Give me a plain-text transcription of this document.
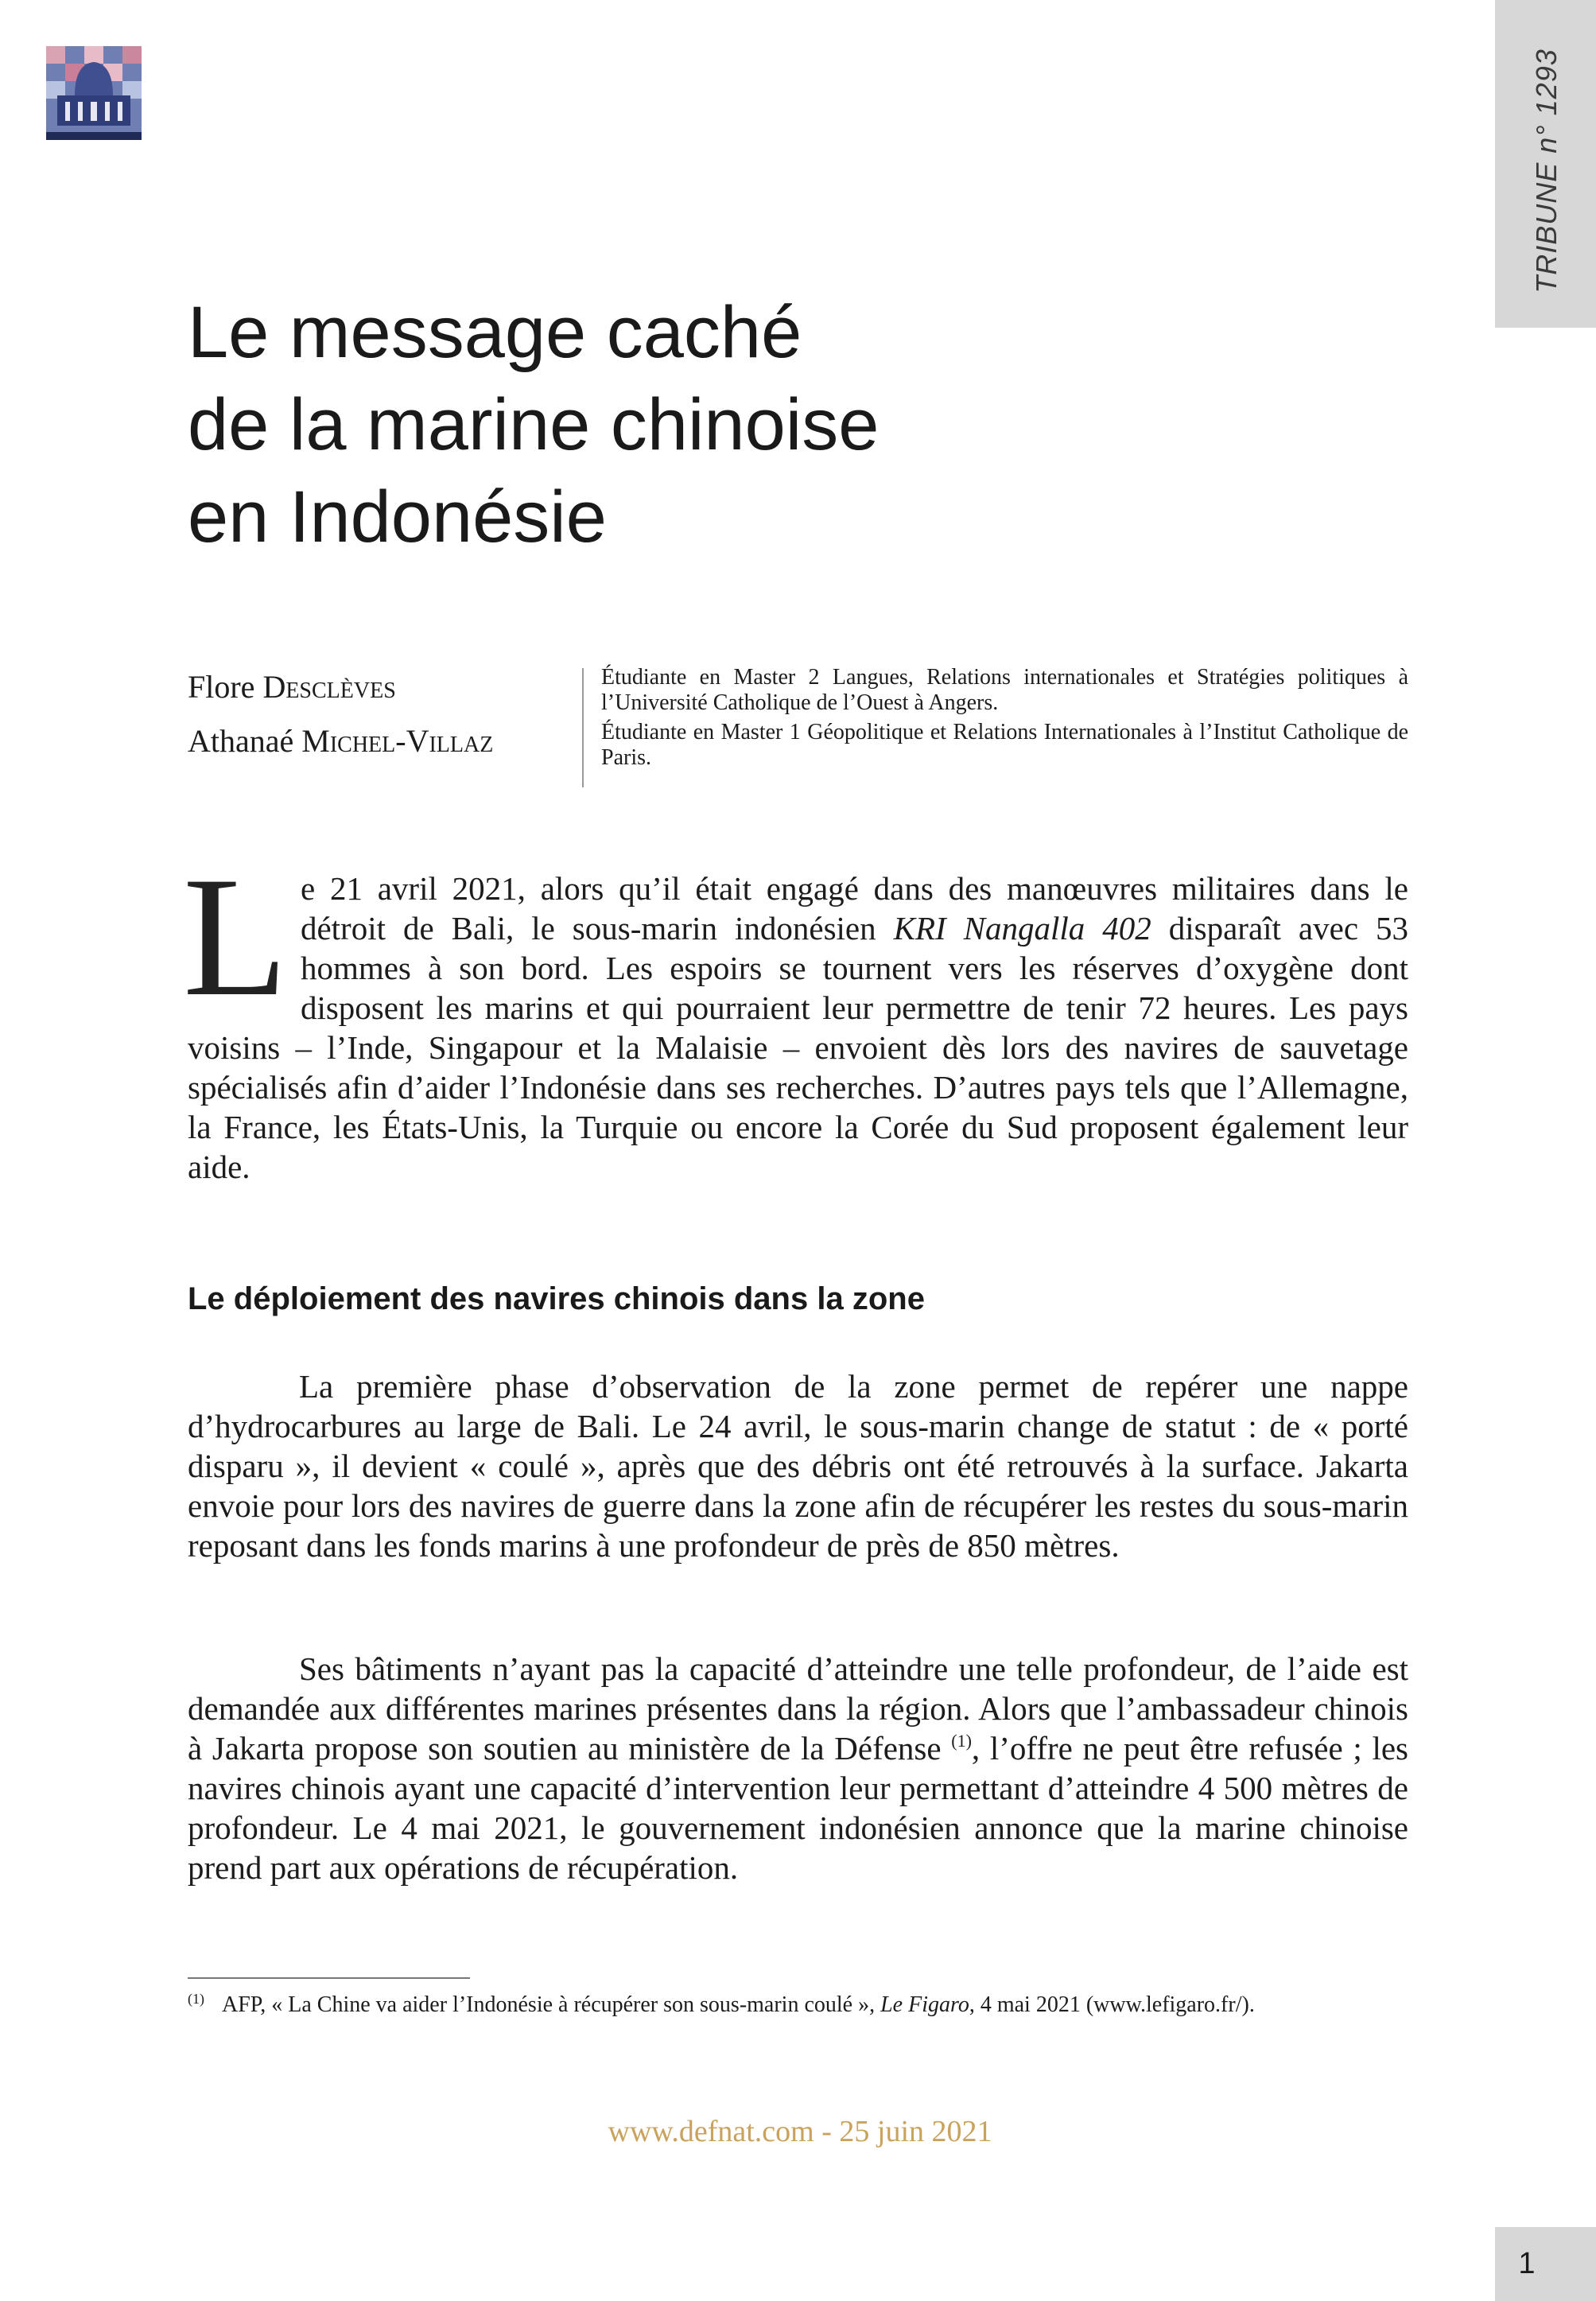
TRIBUNE n° 1293
Le message caché
de la marine chinoise
en Indonésie
Flore Desclèves
Athanaé Michel-Villaz

Étudiante en Master 2 Langues, Relations internationales et Stratégies politiques à l’Université Catholique de l’Ouest à Angers.

Étudiante en Master 1 Géopolitique et Relations Internationales à l’Institut Catholique de Paris.

Le 21 avril 2021, alors qu’il était engagé dans des manœuvres militaires dans le détroit de Bali, le sous-marin indonésien KRI Nangalla 402 disparaît avec 53 hommes à son bord. Les espoirs se tournent vers les réserves d’oxygène dont disposent les marins et qui pourraient leur permettre de tenir 72 heures. Les pays voisins – l’Inde, Singapour et la Malaisie – envoient dès lors des navires de sauvetage spécialisés afin d’aider l’Indonésie dans ses recherches. D’autres pays tels que l’Allemagne, la France, les États-Unis, la Turquie ou encore la Corée du Sud proposent également leur aide.

Le déploiement des navires chinois dans la zone

La première phase d’observation de la zone permet de repérer une nappe d’hydrocarbures au large de Bali. Le 24 avril, le sous-marin change de statut : de « porté disparu », il devient « coulé », après que des débris ont été retrouvés à la surface. Jakarta envoie pour lors des navires de guerre dans la zone afin de récupérer les restes du sous-marin reposant dans les fonds marins à une profondeur de près de 850 mètres.

Ses bâtiments n’ayant pas la capacité d’atteindre une telle profondeur, de l’aide est demandée aux différentes marines présentes dans la région. Alors que l’ambassadeur chinois à Jakarta propose son soutien au ministère de la Défense $^{(1)}$, l’offre ne peut être refusée ; les navires chinois ayant une capacité d’intervention leur permettant d’atteindre 4 500 mètres de profondeur. Le 4 mai 2021, le gouvernement indonésien annonce que la marine chinoise prend part aux opérations de récupération.

$^{(1)}$ AFP, « La Chine va aider l’Indonésie à récupérer son sous-marin coulé », Le Figaro, 4 mai 2021 (www.lefigaro.fr/).

www.defnat.com - 25 juin 2021
1
